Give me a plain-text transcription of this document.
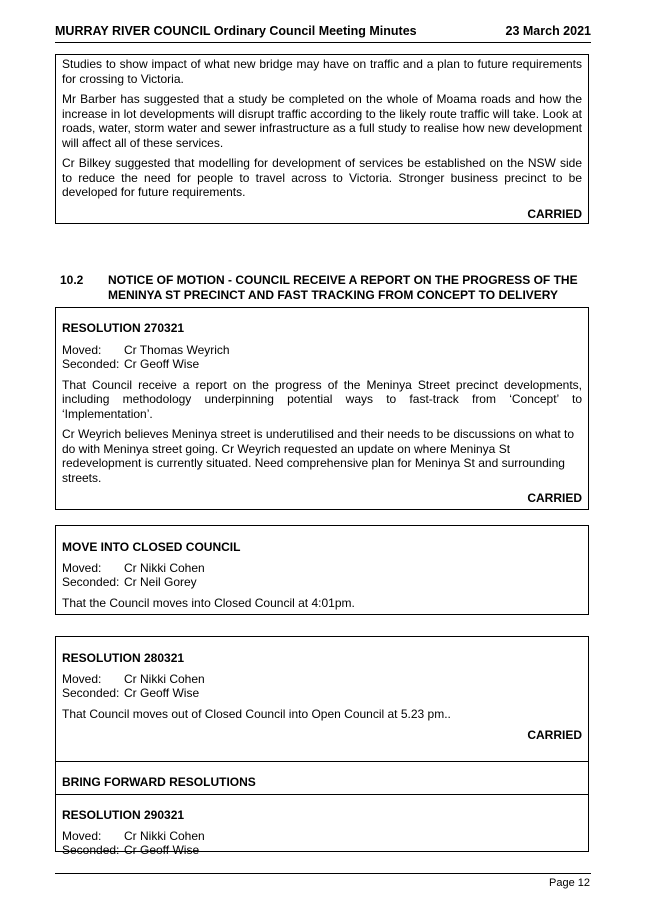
MURRAY RIVER COUNCIL Ordinary Council Meeting Minutes	23 March 2021

Studies to show impact of what new bridge may have on traffic and a plan to future requirements for crossing to Victoria.

Mr Barber has suggested that a study be completed on the whole of Moama roads and how the increase in lot developments will disrupt traffic according to the likely route traffic will take. Look at roads, water, storm water and sewer infrastructure as a full study to realise how new development will affect all of these services.

Cr Bilkey suggested that modelling for development of services be established on the NSW side to reduce the need for people to travel across to Victoria. Stronger business precinct to be developed for future requirements.

CARRIED

10.2 NOTICE OF MOTION - COUNCIL RECEIVE A REPORT ON THE PROGRESS OF THE MENINYA ST PRECINCT AND FAST TRACKING FROM CONCEPT TO DELIVERY

RESOLUTION 270321

Moved:	Cr Thomas Weyrich
Seconded: Cr Geoff Wise

That Council receive a report on the progress of the Meninya Street precinct developments, including methodology underpinning potential ways to fast-track from ‘Concept’ to ‘Implementation’.

Cr Weyrich believes Meninya street is underutilised and their needs to be discussions on what to do with Meninya street going. Cr Weyrich requested an update on where Meninya St redevelopment is currently situated. Need comprehensive plan for Meninya St and surrounding streets.

CARRIED

MOVE INTO CLOSED COUNCIL

Moved:	Cr Nikki Cohen
Seconded: Cr Neil Gorey

That the Council moves into Closed Council at 4:01pm.

RESOLUTION 280321

Moved:	Cr Nikki Cohen
Seconded: Cr Geoff Wise

That Council moves out of Closed Council into Open Council at 5.23 pm..

CARRIED

BRING FORWARD RESOLUTIONS

RESOLUTION 290321

Moved:	Cr Nikki Cohen
Seconded: Cr Geoff Wise
Page 12
